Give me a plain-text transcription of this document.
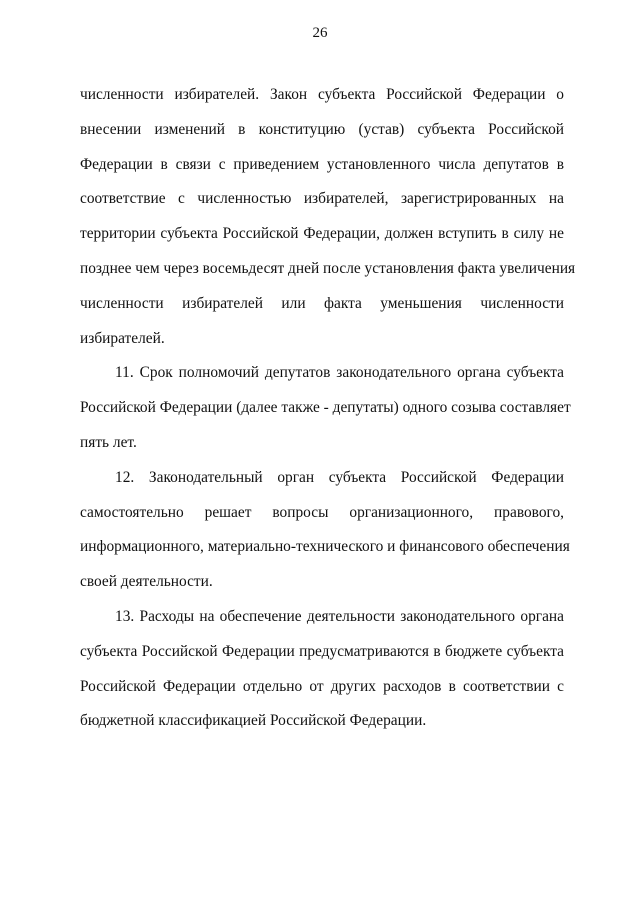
26
численности избирателей. Закон субъекта Российской Федерации о
внесении изменений в конституцию (устав) субъекта Российской
Федерации в связи с приведением установленного числа депутатов в
соответствие с численностью избирателей, зарегистрированных на
территории субъекта Российской Федерации, должен вступить в силу не
позднее чем через восемьдесят дней после установления факта увеличения
численности избирателей или факта уменьшения численности
избирателей.
11. Срок полномочий депутатов законодательного органа субъекта
Российской Федерации (далее также - депутаты) одного созыва составляет
пять лет.
12. Законодательный орган субъекта Российской Федерации
самостоятельно решает вопросы организационного, правового,
информационного, материально-технического и финансового обеспечения
своей деятельности.
13. Расходы на обеспечение деятельности законодательного органа
субъекта Российской Федерации предусматриваются в бюджете субъекта
Российской Федерации отдельно от других расходов в соответствии с
бюджетной классификацией Российской Федерации.
